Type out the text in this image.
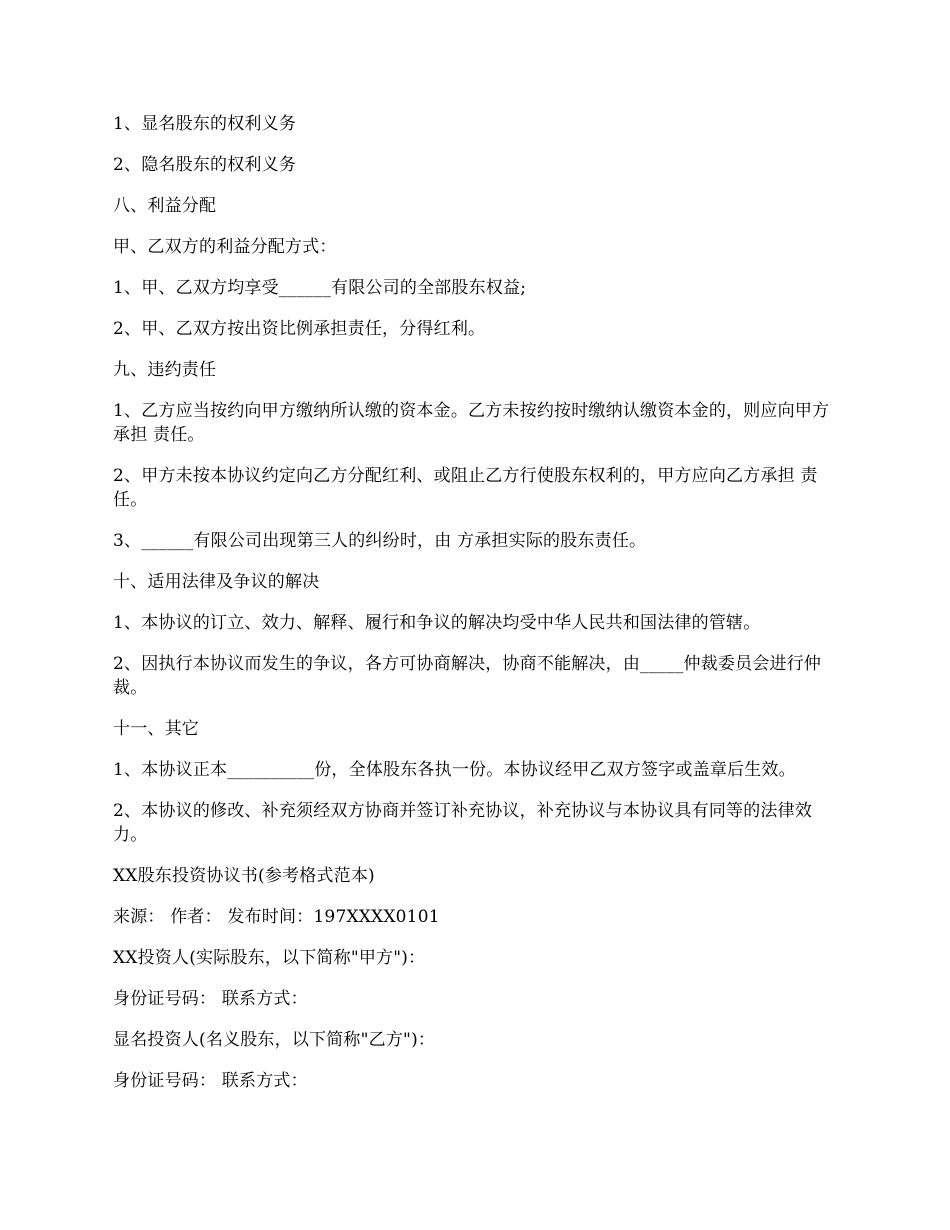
1、显名股东的权利义务

2、隐名股东的权利义务

八、利益分配

甲、乙双方的利益分配方式：

1、甲、乙双方均享受______有限公司的全部股东权益;

2、甲、乙双方按出资比例承担责任，分得红利。

九、违约责任

1、乙方应当按约向甲方缴纳所认缴的资本金。乙方未按约按时缴纳认缴资本金的，则应向甲方承担 责任。

2、甲方未按本协议约定向乙方分配红利、或阻止乙方行使股东权利的，甲方应向乙方承担 责任。

3、______有限公司出现第三人的纠纷时，由 方承担实际的股东责任。

十、适用法律及争议的解决

1、本协议的订立、效力、解释、履行和争议的解决均受中华人民共和国法律的管辖。

2、因执行本协议而发生的争议，各方可协商解决，协商不能解决，由_____仲裁委员会进行仲裁。

十一、其它

1、本协议正本__________份，全体股东各执一份。本协议经甲乙双方签字或盖章后生效。

2、本协议的修改、补充须经双方协商并签订补充协议，补充协议与本协议具有同等的法律效力。

XX股东投资协议书(参考格式范本)

来源： 作者： 发布时间：197XXXX0101

XX投资人(实际股东，以下简称"甲方")：

身份证号码： 联系方式：

显名投资人(名义股东，以下简称"乙方")：

身份证号码： 联系方式：
